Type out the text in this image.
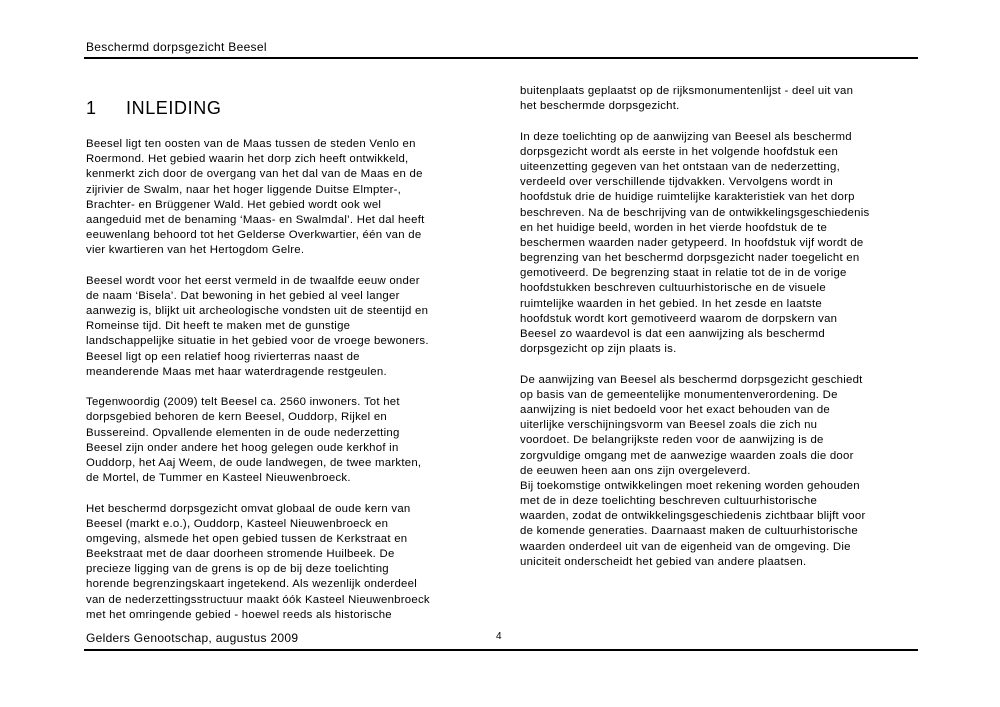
Beschermd dorpsgezicht Beesel
1 INLEIDING
Beesel ligt ten oosten van de Maas tussen de steden Venlo en
Roermond. Het gebied waarin het dorp zich heeft ontwikkeld,
kenmerkt zich door de overgang van het dal van de Maas en de
zijrivier de Swalm, naar het hoger liggende Duitse Elmpter-,
Brachter- en Brüggener Wald. Het gebied wordt ook wel
aangeduid met de benaming ‘Maas- en Swalmdal’. Het dal heeft
eeuwenlang behoord tot het Gelderse Overkwartier, één van de
vier kwartieren van het Hertogdom Gelre.
Beesel wordt voor het eerst vermeld in de twaalfde eeuw onder
de naam ‘Bisela’. Dat bewoning in het gebied al veel langer
aanwezig is, blijkt uit archeologische vondsten uit de steentijd en
Romeinse tijd. Dit heeft te maken met de gunstige
landschappelijke situatie in het gebied voor de vroege bewoners.
Beesel ligt op een relatief hoog rivierterras naast de
meanderende Maas met haar waterdragende restgeulen.
Tegenwoordig (2009) telt Beesel ca. 2560 inwoners. Tot het
dorpsgebied behoren de kern Beesel, Ouddorp, Rijkel en
Bussereind. Opvallende elementen in de oude nederzetting
Beesel zijn onder andere het hoog gelegen oude kerkhof in
Ouddorp, het Aaj Weem, de oude landwegen, de twee markten,
de Mortel, de Tummer en Kasteel Nieuwenbroeck.
Het beschermd dorpsgezicht omvat globaal de oude kern van
Beesel (markt e.o.), Ouddorp, Kasteel Nieuwenbroeck en
omgeving, alsmede het open gebied tussen de Kerkstraat en
Beekstraat met de daar doorheen stromende Huilbeek. De
precieze ligging van de grens is op de bij deze toelichting
horende begrenzingskaart ingetekend. Als wezenlijk onderdeel
van de nederzettingsstructuur maakt óók Kasteel Nieuwenbroeck
met het omringende gebied - hoewel reeds als historische
buitenplaats geplaatst op de rijksmonumentenlijst - deel uit van
het beschermde dorpsgezicht.
In deze toelichting op de aanwijzing van Beesel als beschermd
dorpsgezicht wordt als eerste in het volgende hoofdstuk een
uiteenzetting gegeven van het ontstaan van de nederzetting,
verdeeld over verschillende tijdvakken. Vervolgens wordt in
hoofdstuk drie de huidige ruimtelijke karakteristiek van het dorp
beschreven. Na de beschrijving van de ontwikkelingsgeschiedenis
en het huidige beeld, worden in het vierde hoofdstuk de te
beschermen waarden nader getypeerd. In hoofdstuk vijf wordt de
begrenzing van het beschermd dorpsgezicht nader toegelicht en
gemotiveerd. De begrenzing staat in relatie tot de in de vorige
hoofdstukken beschreven cultuurhistorische en de visuele
ruimtelijke waarden in het gebied. In het zesde en laatste
hoofdstuk wordt kort gemotiveerd waarom de dorpskern van
Beesel zo waardevol is dat een aanwijzing als beschermd
dorpsgezicht op zijn plaats is.
De aanwijzing van Beesel als beschermd dorpsgezicht geschiedt
op basis van de gemeentelijke monumentenverordening. De
aanwijzing is niet bedoeld voor het exact behouden van de
uiterlijke verschijningsvorm van Beesel zoals die zich nu
voordoet. De belangrijkste reden voor de aanwijzing is de
zorgvuldige omgang met de aanwezige waarden zoals die door
de eeuwen heen aan ons zijn overgeleverd.
Bij toekomstige ontwikkelingen moet rekening worden gehouden
met de in deze toelichting beschreven cultuurhistorische
waarden, zodat de ontwikkelingsgeschiedenis zichtbaar blijft voor
de komende generaties. Daarnaast maken de cultuurhistorische
waarden onderdeel uit van de eigenheid van de omgeving. Die
uniciteit onderscheidt het gebied van andere plaatsen.
Gelders Genootschap, augustus 2009	4
